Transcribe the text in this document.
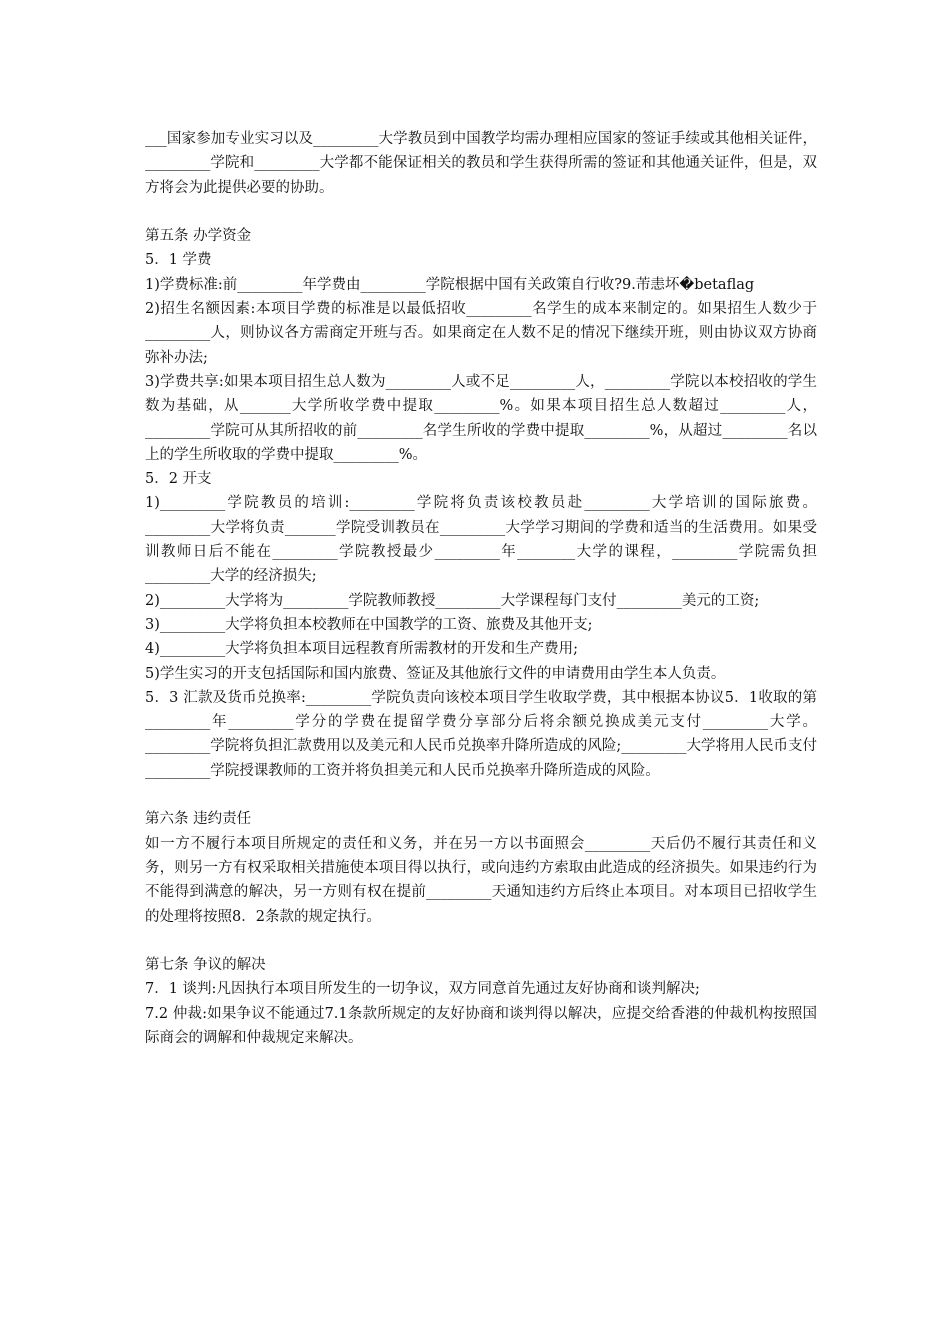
___国家参加专业实习以及_________大学教员到中国教学均需办理相应国家的签证手续或其他相关证件，_________学院和_________大学都不能保证相关的教员和学生获得所需的签证和其他通关证件，但是，双方将会为此提供必要的协助。

第五条 办学资金

5．1 学费

1)学费标准:前_________年学费由_________学院根据中国有关政策自行收?9.芾恚坏�betaflag

2)招生名额因素:本项目学费的标准是以最低招收_________名学生的成本来制定的。如果招生人数少于_________人，则协议各方需商定开班与否。如果商定在人数不足的情况下继续开班，则由协议双方协商弥补办法;

3)学费共享:如果本项目招生总人数为_________人或不足_________人，_________学院以本校招收的学生数为基础，从_______大学所收学费中提取_________%。如果本项目招生总人数超过_________人，_________学院可从其所招收的前_________名学生所收的学费中提取_________%，从超过_________名以上的学生所收取的学费中提取_________%。

5．2 开支

1)_________学院教员的培训:_________学院将负责该校教员赴_________大学培训的国际旅费。_________大学将负责_______学院受训教员在_________大学学习期间的学费和适当的生活费用。如果受训教师日后不能在_________学院教授最少_________年________大学的课程，_________学院需负担_________大学的经济损失;

2)_________大学将为_________学院教师教授_________大学课程每门支付_________美元的工资;

3)_________大学将负担本校教师在中国教学的工资、旅费及其他开支;

4)_________大学将负担本项目远程教育所需教材的开发和生产费用;

5)学生实习的开支包括国际和国内旅费、签证及其他旅行文件的申请费用由学生本人负责。

5．3 汇款及货币兑换率:_________学院负责向该校本项目学生收取学费，其中根据本协议5．1收取的第_________年_________学分的学费在提留学费分享部分后将余额兑换成美元支付_________大学。_________学院将负担汇款费用以及美元和人民币兑换率升降所造成的风险;_________大学将用人民币支付_________学院授课教师的工资并将负担美元和人民币兑换率升降所造成的风险。

第六条 违约责任

如一方不履行本项目所规定的责任和义务，并在另一方以书面照会_________天后仍不履行其责任和义务，则另一方有权采取相关措施使本项目得以执行，或向违约方索取由此造成的经济损失。如果违约行为不能得到满意的解决，另一方则有权在提前_________天通知违约方后终止本项目。对本项目已招收学生的处理将按照8．2条款的规定执行。

第七条 争议的解决

7．1 谈判:凡因执行本项目所发生的一切争议，双方同意首先通过友好协商和谈判解决;

7.2 仲裁:如果争议不能通过7.1条款所规定的友好协商和谈判得以解决，应提交给香港的仲裁机构按照国际商会的调解和仲裁规定来解决。
